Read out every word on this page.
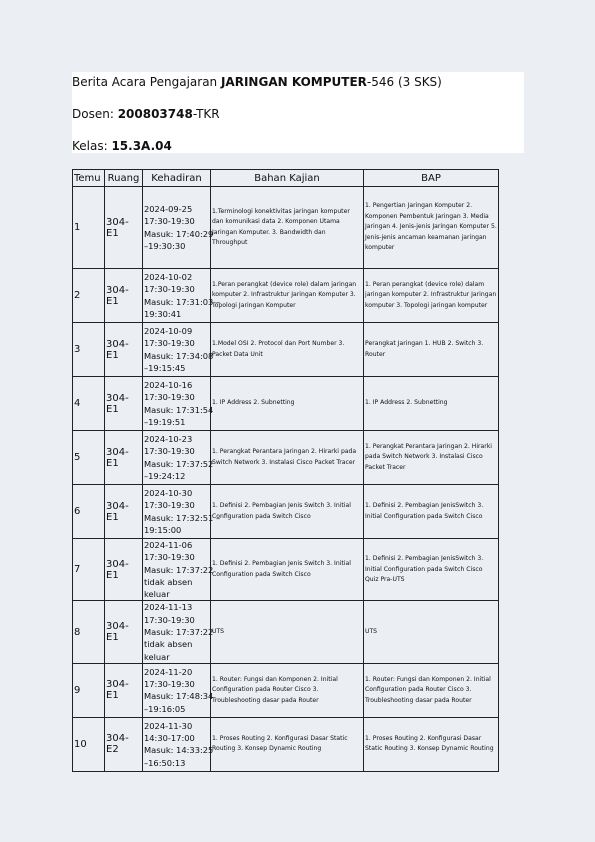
Berita Acara Pengajaran JARINGAN KOMPUTER-546 (3 SKS)
Dosen: 200803748-TKR
Kelas: 15.3A.04
Temu	Ruang	Kehadiran	Bahan Kajian	BAP
1	304-E1	2024-09-25
17:30-19:30
Masuk: 17:40:29
–19:30:30	1.Terminologi konektivitas jaringan komputer dan komunikasi data 2. Komponen Utama Jaringan Komputer. 3. Bandwidth dan Throughput	1. Pengertian Jaringan Komputer 2. Komponen Pembentuk Jaringan 3. Media Jaringan 4. Jenis-jenis Jaringan Komputer 5. Jenis-jenis ancaman keamanan jaringan komputer
2	304-E1	2024-10-02
17:30-19:30
Masuk: 17:31:03 –
19:30:41	1.Peran perangkat (device role) dalam jaringan komputer 2. Infrastruktur Jaringan Komputer 3. Topologi Jaringan Komputer	1. Peran perangkat (device role) dalam jaringan komputer 2. Infrastruktur Jaringan komputer 3. Topologi jaringan komputer
3	304-E1	2024-10-09
17:30-19:30
Masuk: 17:34:08
–19:15:45	1.Model OSI 2. Protocol dan Port Number 3. Packet Data Unit	Perangkat Jaringan 1. HUB 2. Switch 3. Router
4	304-E1	2024-10-16
17:30-19:30
Masuk: 17:31:54
–19:19:51	1. IP Address 2. Subnetting	1. IP Address 2. Subnetting
5	304-E1	2024-10-23
17:30-19:30
Masuk: 17:37:52
–19:24:12	1. Perangkat Perantara Jaringan 2. Hirarki pada Switch Network 3. Instalasi Cisco Packet Tracer	1. Perangkat Perantara Jaringan 2. Hirarki pada Switch Network 3. Instalasi Cisco Packet Tracer
6	304-E1	2024-10-30
17:30-19:30
Masuk: 17:32:51 –
19:15:00	1. Definisi 2. Pembagian Jenis Switch 3. Initial Configuration pada Switch Cisco	1. Definisi 2. Pembagian JenisSwitch 3. Initial Configuration pada Switch Cisco
7	304-E1	2024-11-06
17:30-19:30
Masuk: 17:37:22
tidak absen
keluar	1. Definisi 2. Pembagian Jenis Switch 3. Initial Configuration pada Switch Cisco	1. Definisi 2. Pembagian JenisSwitch 3. Initial Configuration pada Switch Cisco Quiz Pra-UTS
8	304-E1	2024-11-13
17:30-19:30
Masuk: 17:37:22
tidak absen
keluar	UTS	UTS
9	304-E1	2024-11-20
17:30-19:30
Masuk: 17:48:34
–19:16:05	1. Router: Fungsi dan Komponen 2. Initial Configuration pada Router Cisco 3. Troubleshooting dasar pada Router	1. Router: Fungsi dan Komponen 2. Initial Configuration pada Router Cisco 3. Troubleshooting dasar pada Router
10	304-E2	2024-11-30
14:30-17:00
Masuk: 14:33:25
–16:50:13	1. Proses Routing 2. Konfigurasi Dasar Static Routing 3. Konsep Dynamic Routing	1. Proses Routing 2. Konfigurasi Dasar Static Routing 3. Konsep Dynamic Routing
